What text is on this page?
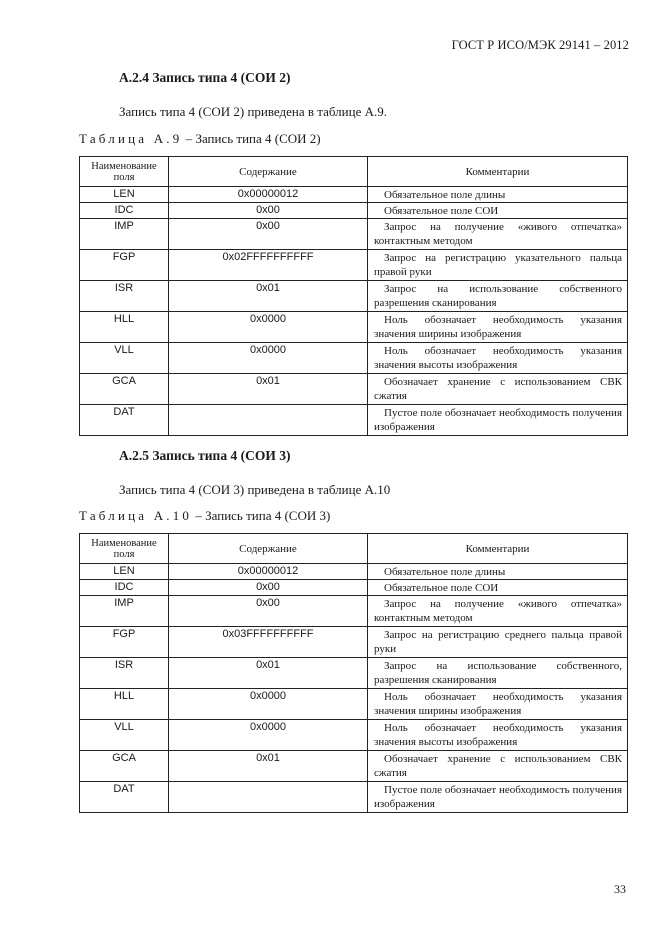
ГОСТ Р ИСО/МЭК 29141 – 2012
А.2.4 Запись типа 4 (СОИ 2)
Запись типа 4 (СОИ 2) приведена в таблице А.9.
Таблица А.9 – Запись типа 4 (СОИ 2)
Наименование поля	Содержание	Комментарии
LEN	0x00000012	Обязательное поле длины
IDC	0x00	Обязательное поле СОИ
IMP	0x00	Запрос на получение «живого отпечатка» контактным методом
FGP	0x02FFFFFFFFFF	Запрос на регистрацию указательного пальца правой руки
ISR	0x01	Запрос на использование собственного разрешения сканирования
HLL	0x0000	Ноль обозначает необходимость указания значения ширины изображения
VLL	0x0000	Ноль обозначает необходимость указания значения высоты изображения
GCA	0x01	Обозначает хранение с использованием СВК сжатия
DAT		Пустое поле обозначает необходимость получения изображения
А.2.5 Запись типа 4 (СОИ 3)
Запись типа 4 (СОИ 3) приведена в таблице А.10
Таблица А.10 – Запись типа 4 (СОИ 3)
Наименование поля	Содержание	Комментарии
LEN	0x00000012	Обязательное поле длины
IDC	0x00	Обязательное поле СОИ
IMP	0x00	Запрос на получение «живого отпечатка» контактным методом
FGP	0x03FFFFFFFFFF	Запрос на регистрацию среднего пальца правой руки
ISR	0x01	Запрос на использование собственного, разрешения сканирования
HLL	0x0000	Ноль обозначает необходимость указания значения ширины изображения
VLL	0x0000	Ноль обозначает необходимость указания значения высоты изображения
GCA	0x01	Обозначает хранение с использованием СВК сжатия
DAT		Пустое поле обозначает необходимость получения изображения
33
